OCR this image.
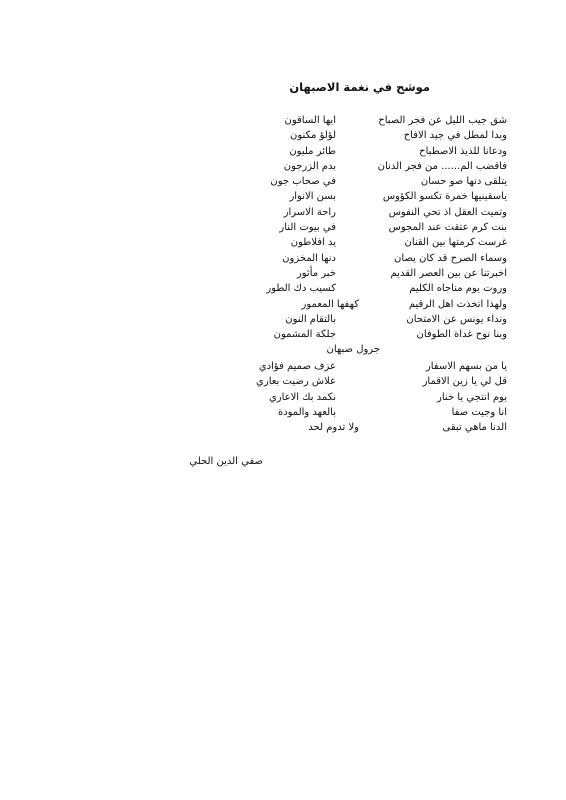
موشح في نغمة الاصبهان
شق جيب الليل عن فجر الصباح
ايها الساقون
وبدا لمطل في جيد الافاح
لؤلؤ مكنون
ودعانا للذيذ الاصطباح
طائر مليون
فاقضب الم...... من فجر الدنان
بدم الزرجون
يتلقى دنها صو حسان
في صحاب جون
ياسقينيها خمرة تكسو الكؤوس
بسن الانوار
وتميت العقل اذ تحي النفوس
راحة الاسرار
بنت كرم عتقت عند المجوس
في بيوت النار
غرست كرمتها بين القنان
يد افلاطون
وسماء الصرح قد كان يصان
دنها المخزون
اخبرتنا عن بين العصر القديم
خبر مأثور
وروت يوم مناجاه الكليم
كسيب دك الطور
ولهذا اتخذت اهل الرقيم
كهفها المعمور
ونداء يونس عن الامتحان
بالتقام النون
وبنا نوح غداة الطوفان
جلكة المشمون
جرول صبهان
يا من بسهم الاسفار
عزف صميم فؤادي
قل لي يا زين الاقمار
علاش رضيت بعاري
يوم انتجي يا خنار
نكمد بك الاعاري
انا وجيت صفا
بالعهد والمودة
الدنا ماهي تبقى
ولا تدوم لحد
صفي الدين الحلي
